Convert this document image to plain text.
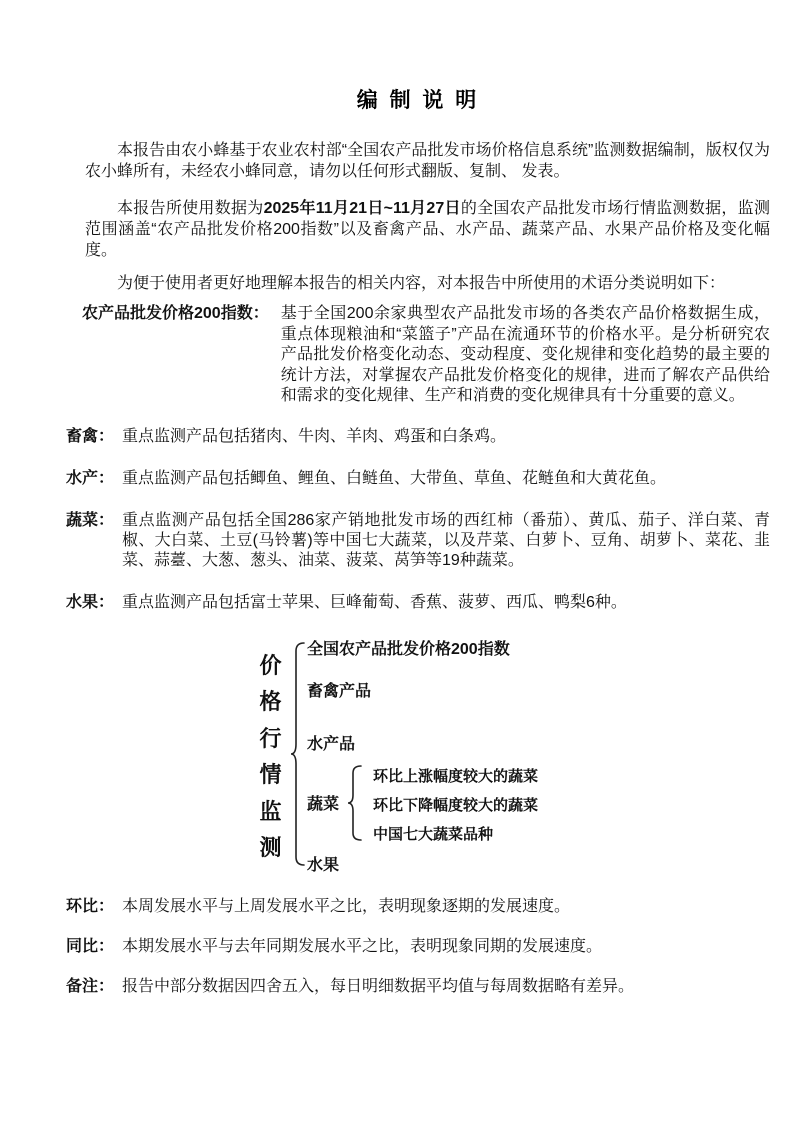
编 制 说 明

本报告由农小蜂基于农业农村部“全国农产品批发市场价格信息系统”监测数据编制，版权仅为农小蜂所有，未经农小蜂同意，请勿以任何形式翻版、复制、 发表。

本报告所使用数据为2025年11月21日~11月27日的全国农产品批发市场行情监测数据，监测范围涵盖“农产品批发价格200指数”以及畜禽产品、水产品、蔬菜产品、水果产品价格及变化幅度。

为便于使用者更好地理解本报告的相关内容，对本报告中所使用的术语分类说明如下：

农产品批发价格200指数： 基于全国200余家典型农产品批发市场的各类农产品价格数据生成，重点体现粮油和“菜篮子”产品在流通环节的价格水平。是分析研究农产品批发价格变化动态、变动程度、变化规律和变化趋势的最主要的统计方法，对掌握农产品批发价格变化的规律，进而了解农产品供给和需求的变化规律、生产和消费的变化规律具有十分重要的意义。
畜禽： 重点监测产品包括猪肉、牛肉、羊肉、鸡蛋和白条鸡。
水产： 重点监测产品包括鲫鱼、鲤鱼、白鲢鱼、大带鱼、草鱼、花鲢鱼和大黄花鱼。
蔬菜： 重点监测产品包括全国286家产销地批发市场的西红柿（番茄）、黄瓜、茄子、洋白菜、青椒、大白菜、土豆(马铃薯)等中国七大蔬菜，以及芹菜、白萝卜、豆角、胡萝卜、菜花、韭菜、蒜薹、大葱、葱头、油菜、菠菜、莴笋等19种蔬菜。
水果： 重点监测产品包括富士苹果、巨峰葡萄、香蕉、菠萝、西瓜、鸭梨6种。
价格行情监测
全国农产品批发价格200指数
畜禽产品
水产品
蔬菜
水果
环比上涨幅度较大的蔬菜
环比下降幅度较大的蔬菜
中国七大蔬菜品种
环比： 本周发展水平与上周发展水平之比，表明现象逐期的发展速度。
同比： 本期发展水平与去年同期发展水平之比，表明现象同期的发展速度。
备注： 报告中部分数据因四舍五入，每日明细数据平均值与每周数据略有差异。
